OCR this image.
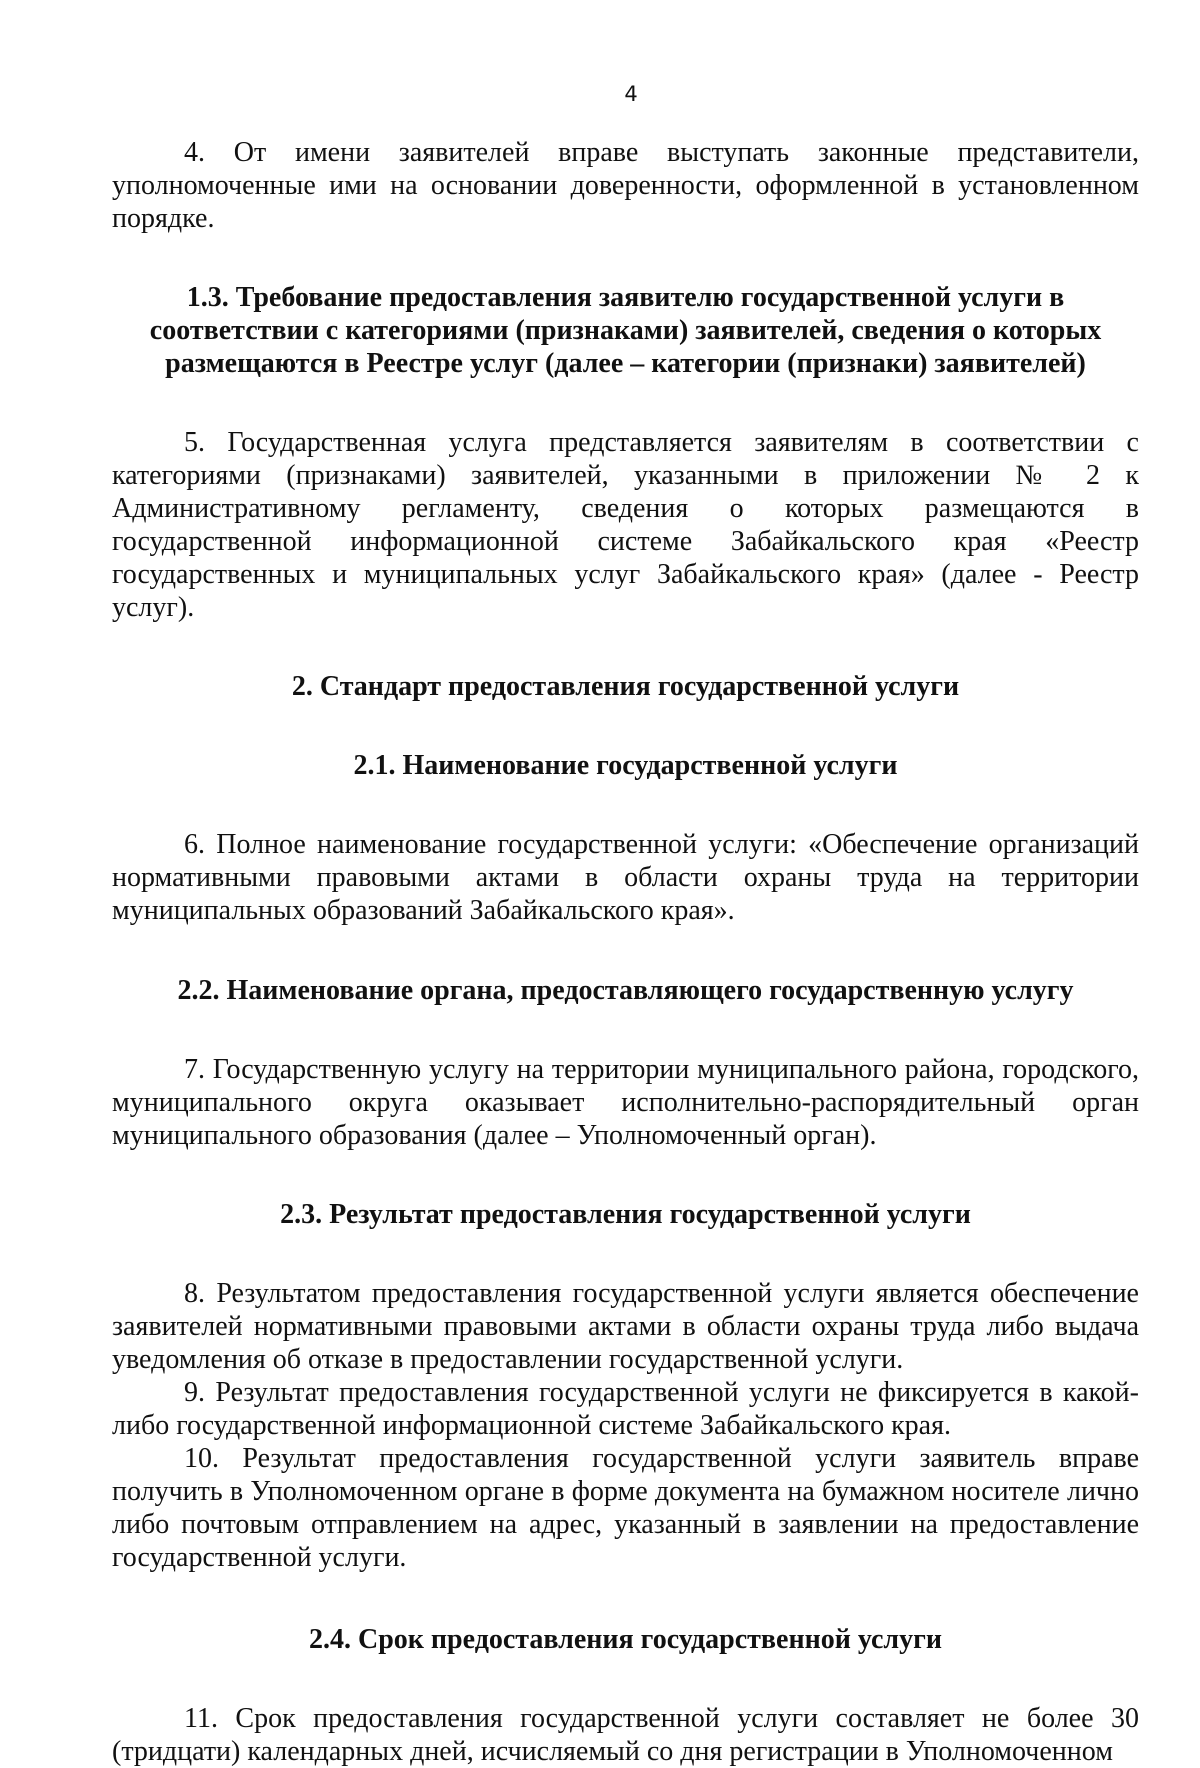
4

4. От имени заявителей вправе выступать законные представители, уполномоченные ими на основании доверенности, оформленной в установленном порядке.

1.3. Требование предоставления заявителю государственной услуги в соответствии с категориями (признаками) заявителей, сведения о которых размещаются в Реестре услуг (далее – категории (признаки) заявителей)

5. Государственная услуга представляется заявителям в соответствии с категориями (признаками) заявителей, указанными в приложении № 2 к Административному регламенту, сведения о которых размещаются в государственной информационной системе Забайкальского края «Реестр государственных и муниципальных услуг Забайкальского края» (далее - Реестр услуг).

2. Стандарт предоставления государственной услуги

2.1. Наименование государственной услуги

6. Полное наименование государственной услуги: «Обеспечение организаций нормативными правовыми актами в области охраны труда на территории муниципальных образований Забайкальского края».

2.2. Наименование органа, предоставляющего государственную услугу

7. Государственную услугу на территории муниципального района, городского, муниципального округа оказывает исполнительно-распорядительный орган муниципального образования (далее – Уполномоченный орган).

2.3. Результат предоставления государственной услуги

8. Результатом предоставления государственной услуги является обеспечение заявителей нормативными правовыми актами в области охраны труда либо выдача уведомления об отказе в предоставлении государственной услуги.

9. Результат предоставления государственной услуги не фиксируется в какой-либо государственной информационной системе Забайкальского края.

10. Результат предоставления государственной услуги заявитель вправе получить в Уполномоченном органе в форме документа на бумажном носителе лично либо почтовым отправлением на адрес, указанный в заявлении на предоставление государственной услуги.

2.4. Срок предоставления государственной услуги

11. Срок предоставления государственной услуги составляет не более 30 (тридцати) календарных дней, исчисляемый со дня регистрации в Уполномоченном
